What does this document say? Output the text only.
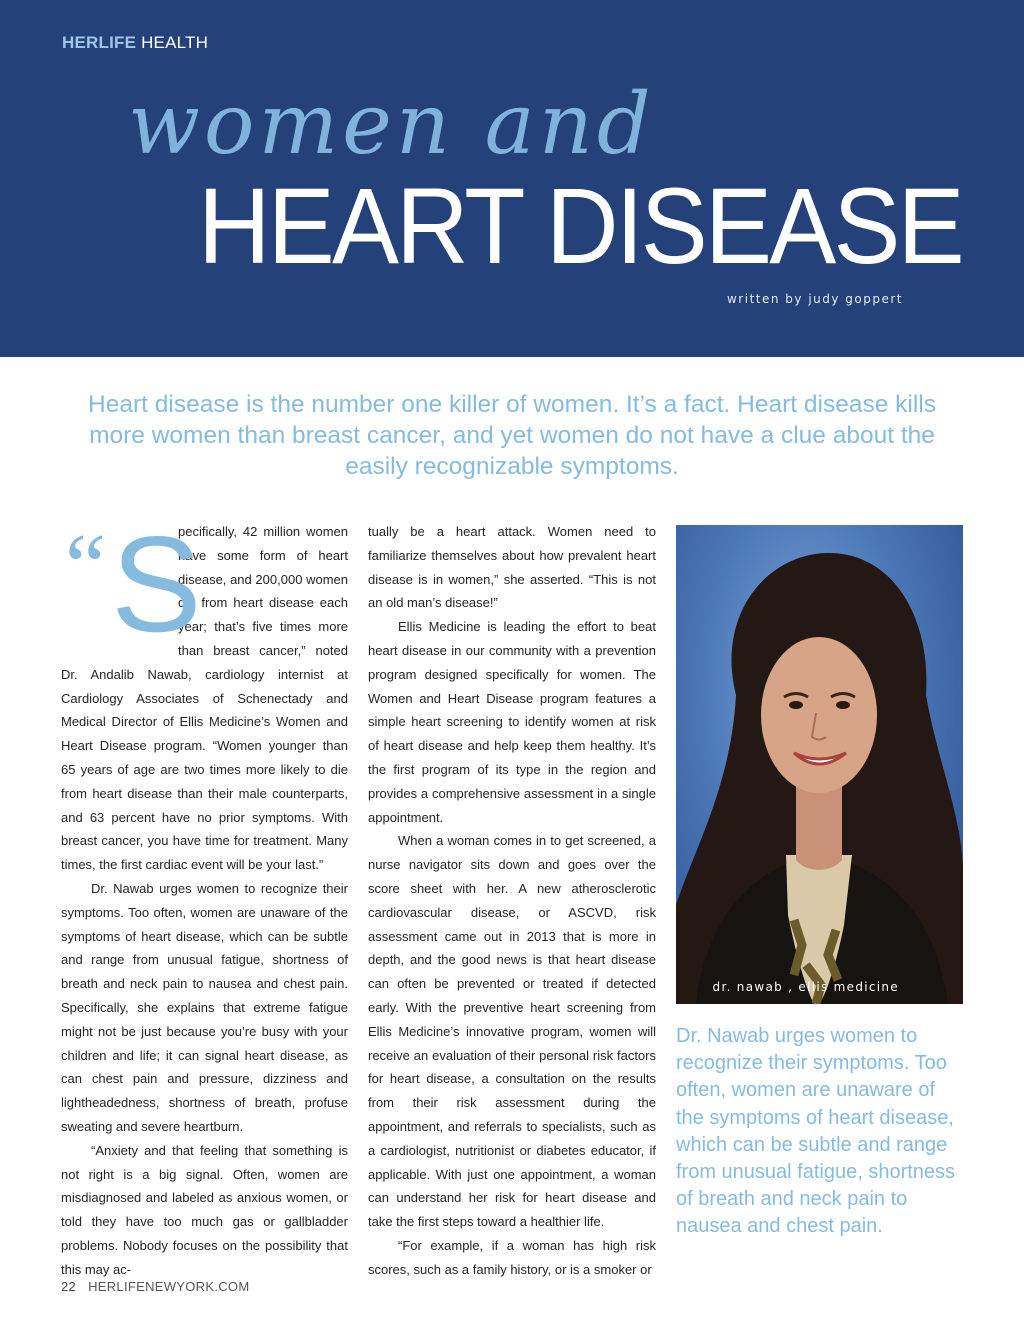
HERLIFE HEALTH
women and
HEART DISEASE
written by judy goppert
Heart disease is the number one killer of women. It’s a fact. Heart disease kills more women than breast cancer, and yet women do not have a clue about the easily recognizable symptoms.
“ S

pecifically, 42 million women have some form of heart disease, and 200,000 women die from heart disease each year; that’s five times more than breast cancer,” noted Dr. Andalib Nawab, cardiology internist at Cardiology Associates of Schenectady and Medical Director of Ellis Medicine’s Women and Heart Disease program. “Women younger than 65 years of age are two times more likely to die from heart disease than their male counterparts, and 63 percent have no prior symptoms. With breast cancer, you have time for treatment. Many times, the first cardiac event will be your last.”

Dr. Nawab urges women to recognize their symptoms. Too often, women are unaware of the symptoms of heart disease, which can be subtle and range from unusual fatigue, shortness of breath and neck pain to nausea and chest pain. Specifically, she explains that extreme fatigue might not be just because you’re busy with your children and life; it can signal heart disease, as can chest pain and pressure, dizziness and lightheadedness, shortness of breath, profuse sweating and severe heartburn.

“Anxiety and that feeling that something is not right is a big signal. Often, women are misdiagnosed and labeled as anxious women, or told they have too much gas or gallbladder problems. Nobody focuses on the possibility that this may ac-

tually be a heart attack. Women need to familiarize themselves about how prevalent heart disease is in women,” she asserted. “This is not an old man’s disease!”

Ellis Medicine is leading the effort to beat heart disease in our community with a prevention program designed specifically for women. The Women and Heart Disease program features a simple heart screening to identify women at risk of heart disease and help keep them healthy. It’s the first program of its type in the region and provides a comprehensive assessment in a single appointment.

When a woman comes in to get screened, a nurse navigator sits down and goes over the score sheet with her. A new atherosclerotic cardiovascular disease, or ASCVD, risk assessment came out in 2013 that is more in depth, and the good news is that heart disease can often be prevented or treated if detected early. With the preventive heart screening from Ellis Medicine’s innovative program, women will receive an evaluation of their personal risk factors for heart disease, a consultation on the results from their risk assessment during the appointment, and referrals to specialists, such as a cardiologist, nutritionist or diabetes educator, if applicable. With just one appointment, a woman can understand her risk for heart disease and take the first steps toward a healthier life.

“For example, if a woman has high risk scores, such as a family history, or is a smoker or

dr. nawab , ellis medicine
Dr. Nawab urges women to recognize their symptoms. Too often, women are unaware of the symptoms of heart disease, which can be subtle and range from unusual fatigue, shortness of breath and neck pain to nausea and chest pain.
22 HERLIFENEWYORK.COM
